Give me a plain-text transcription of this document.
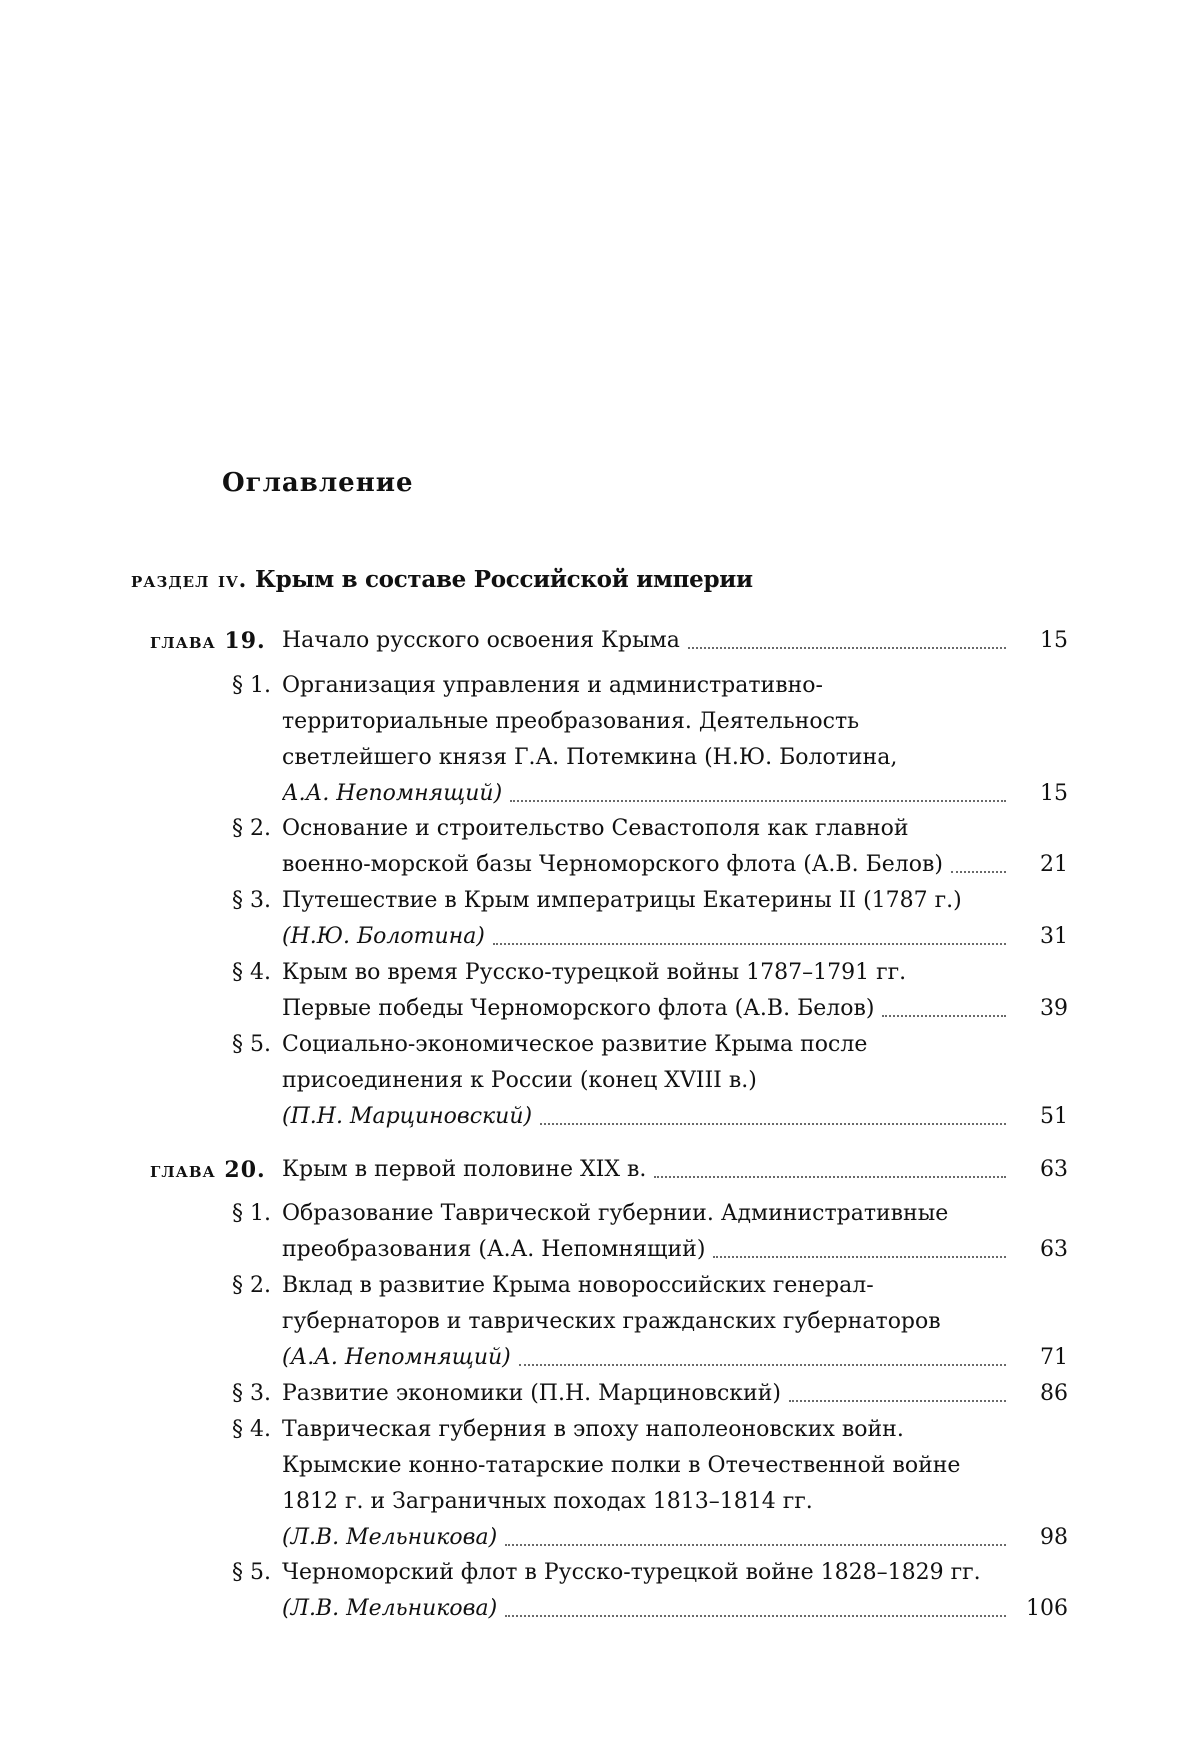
Оглавление
раздел iv. Крым в составе Российской империи
глава 19. Начало русского освоения Крыма	15
§ 1. Организация управления и административно-
территориальные преобразования. Деятельность
светлейшего князя Г.А. Потемкина (Н.Ю. Болотина,
А.А. Непомнящий)	15
§ 2. Основание и строительство Севастополя как главной
военно-морской базы Черноморского флота (А.В. Белов)	21
§ 3. Путешествие в Крым императрицы Екатерины II (1787 г.)
(Н.Ю. Болотина)	31
§ 4. Крым во время Русско-турецкой войны 1787–1791 гг.
Первые победы Черноморского флота (А.В. Белов)	39
§ 5. Социально-экономическое развитие Крыма после
присоединения к России (конец XVIII в.)
(П.Н. Марциновский)	51
глава 20. Крым в первой половине XIX в.	63
§ 1. Образование Таврической губернии. Административные
преобразования (А.А. Непомнящий)	63
§ 2. Вклад в развитие Крыма новороссийских генерал-
губернаторов и таврических гражданских губернаторов
(А.А. Непомнящий)	71
§ 3. Развитие экономики (П.Н. Марциновский)	86
§ 4. Таврическая губерния в эпоху наполеоновских войн.
Крымские конно-татарские полки в Отечественной войне
1812 г. и Заграничных походах 1813–1814 гг.
(Л.В. Мельникова)	98
§ 5. Черноморский флот в Русско-турецкой войне 1828–1829 гг.
(Л.В. Мельникова)	106
